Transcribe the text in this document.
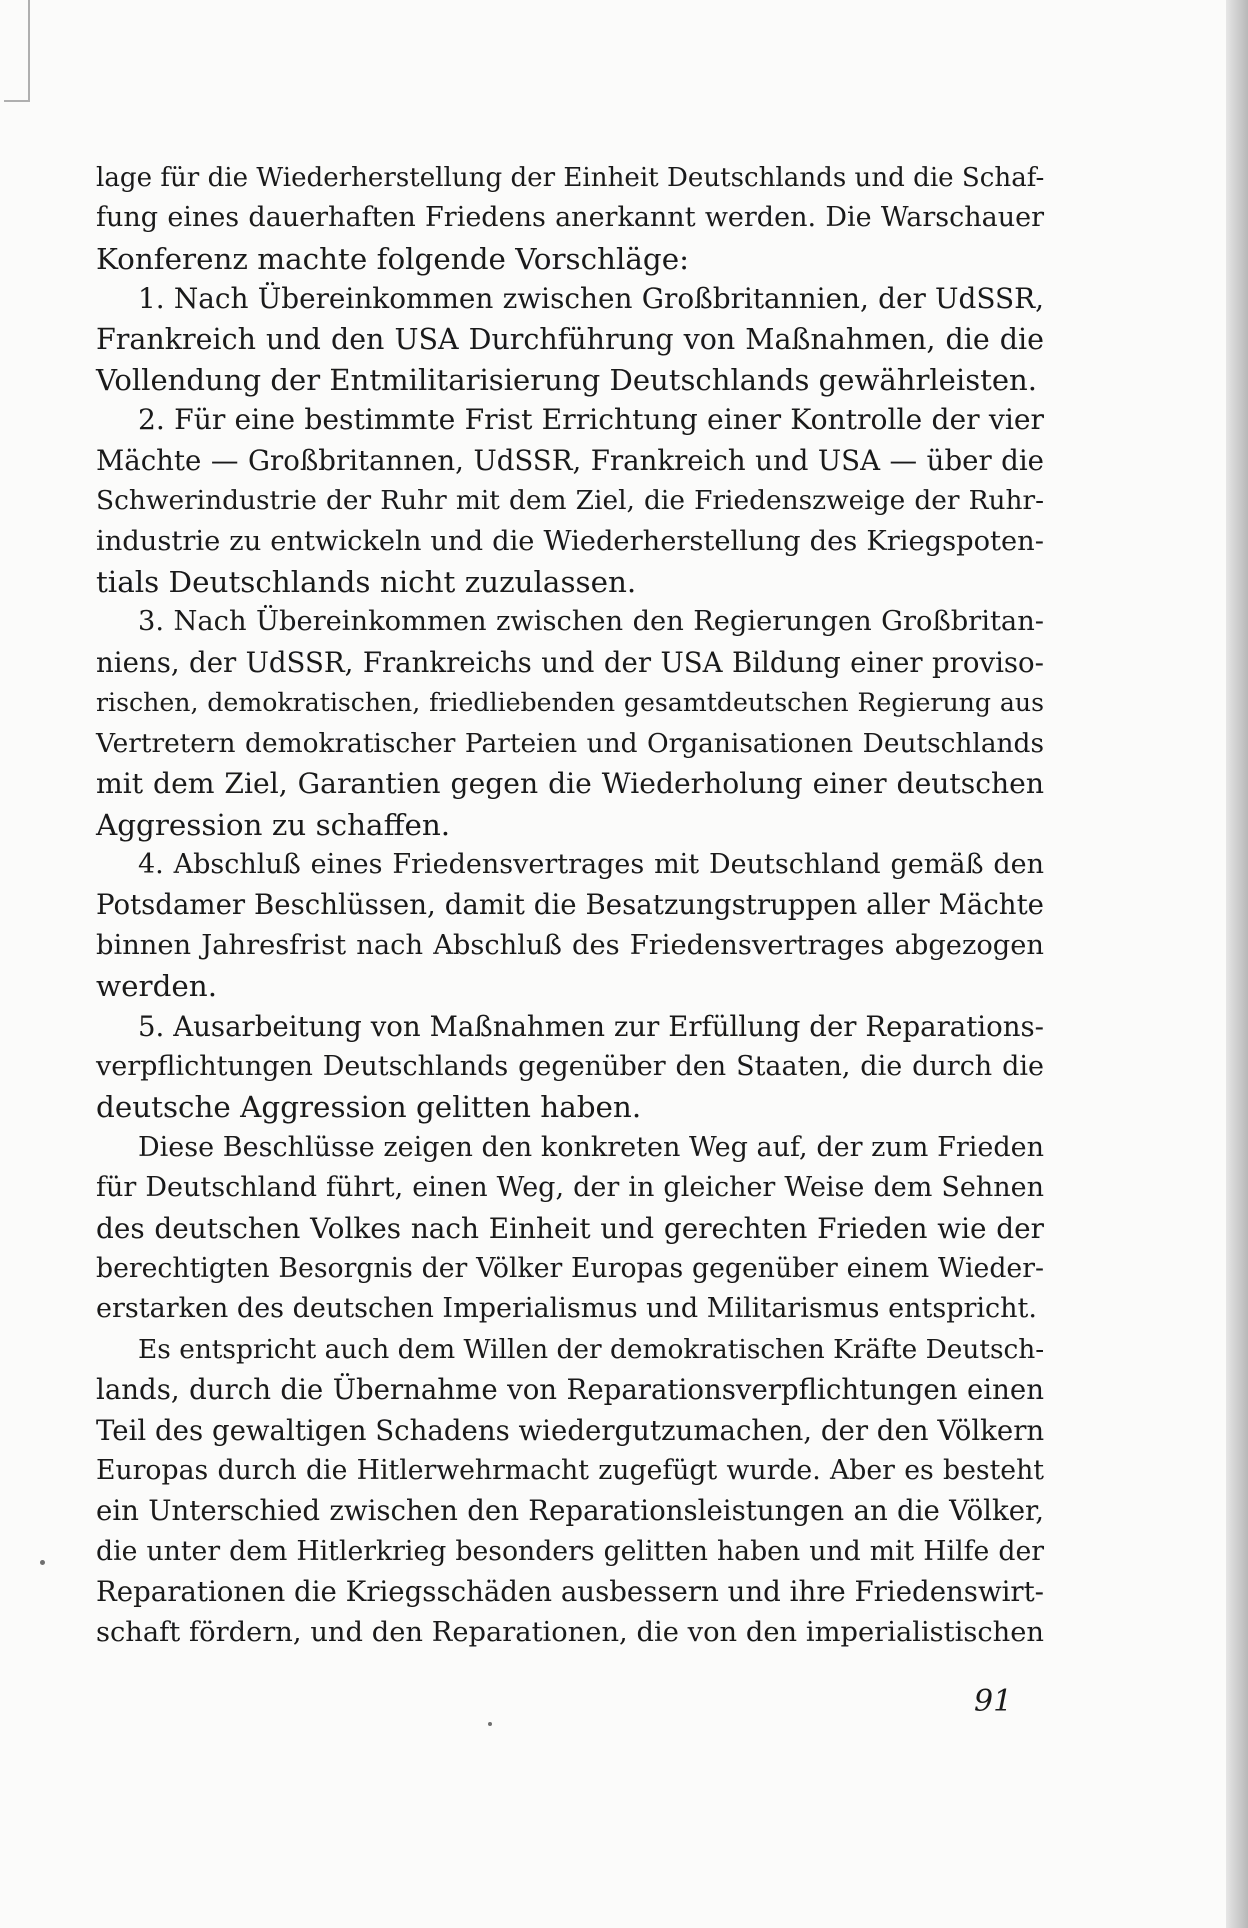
lage für die Wiederherstellung der Einheit Deutschlands und die Schaf-
fung eines dauerhaften Friedens anerkannt werden. Die Warschauer
Konferenz machte folgende Vorschläge:

1. Nach Übereinkommen zwischen Großbritannien, der UdSSR,
Frankreich und den USA Durchführung von Maßnahmen, die die
Vollendung der Entmilitarisierung Deutschlands gewährleisten.

2. Für eine bestimmte Frist Errichtung einer Kontrolle der vier
Mächte — Großbritannen, UdSSR, Frankreich und USA — über die
Schwerindustrie der Ruhr mit dem Ziel, die Friedenszweige der Ruhr-
industrie zu entwickeln und die Wiederherstellung des Kriegspoten-
tials Deutschlands nicht zuzulassen.

3. Nach Übereinkommen zwischen den Regierungen Großbritan-
niens, der UdSSR, Frankreichs und der USA Bildung einer proviso-
rischen, demokratischen, friedliebenden gesamtdeutschen Regierung aus
Vertretern demokratischer Parteien und Organisationen Deutschlands
mit dem Ziel, Garantien gegen die Wiederholung einer deutschen
Aggression zu schaffen.

4. Abschluß eines Friedensvertrages mit Deutschland gemäß den
Potsdamer Beschlüssen, damit die Besatzungstruppen aller Mächte
binnen Jahresfrist nach Abschluß des Friedensvertrages abgezogen
werden.

5. Ausarbeitung von Maßnahmen zur Erfüllung der Reparations-
verpflichtungen Deutschlands gegenüber den Staaten, die durch die
deutsche Aggression gelitten haben.

Diese Beschlüsse zeigen den konkreten Weg auf, der zum Frieden
für Deutschland führt, einen Weg, der in gleicher Weise dem Sehnen
des deutschen Volkes nach Einheit und gerechten Frieden wie der
berechtigten Besorgnis der Völker Europas gegenüber einem Wieder-
erstarken des deutschen Imperialismus und Militarismus entspricht.

Es entspricht auch dem Willen der demokratischen Kräfte Deutsch-
lands, durch die Übernahme von Reparationsverpflichtungen einen
Teil des gewaltigen Schadens wiedergutzumachen, der den Völkern
Europas durch die Hitlerwehrmacht zugefügt wurde. Aber es besteht
ein Unterschied zwischen den Reparationsleistungen an die Völker,
die unter dem Hitlerkrieg besonders gelitten haben und mit Hilfe der
Reparationen die Kriegsschäden ausbessern und ihre Friedenswirt-
schaft fördern, und den Reparationen, die von den imperialistischen

91
